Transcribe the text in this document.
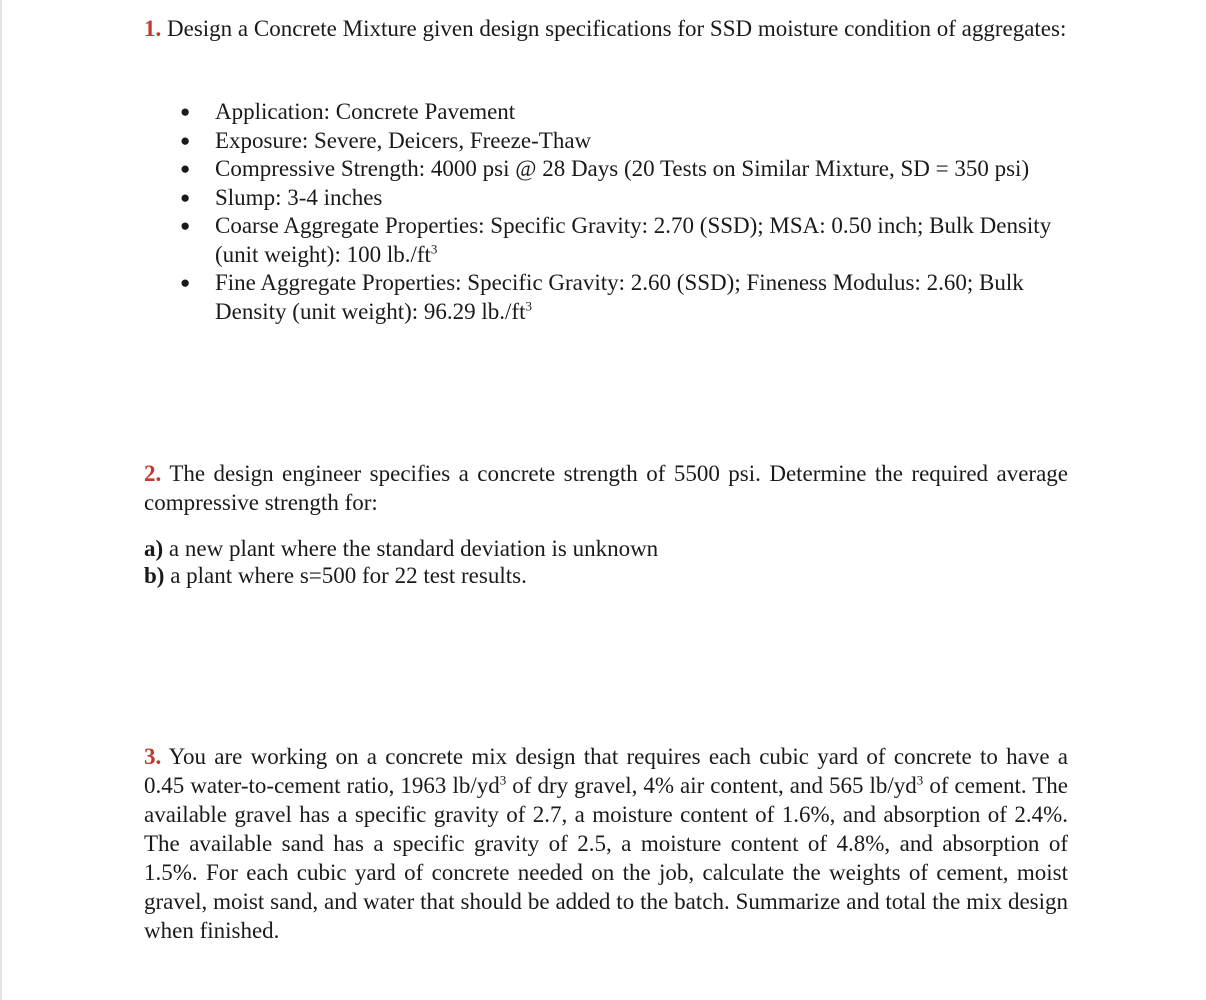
1. Design a Concrete Mixture given design specifications for SSD moisture condition of aggregates:

● Application: Concrete Pavement
● Exposure: Severe, Deicers, Freeze-Thaw
● Compressive Strength: 4000 psi @ 28 Days (20 Tests on Similar Mixture, SD = 350 psi)
● Slump: 3-4 inches
● Coarse Aggregate Properties: Specific Gravity: 2.70 (SSD); MSA: 0.50 inch; Bulk Density (unit weight): 100 $lb./ft^3$
● Fine Aggregate Properties: Specific Gravity: 2.60 (SSD); Fineness Modulus: 2.60; Bulk Density (unit weight): 96.29 $lb./ft^3$

2. The design engineer specifies a concrete strength of 5500 psi. Determine the required average compressive strength for:

a) a new plant where the standard deviation is unknown

b) a plant where s=500 for 22 test results.

3. You are working on a concrete mix design that requires each cubic yard of concrete to have a 0.45 water-to-cement ratio, 1963 $lb/yd^3$ of dry gravel, 4% air content, and 565 $lb/yd^3$ of cement. The available gravel has a specific gravity of 2.7, a moisture content of 1.6%, and absorption of 2.4%. The available sand has a specific gravity of 2.5, a moisture content of 4.8%, and absorption of 1.5%. For each cubic yard of concrete needed on the job, calculate the weights of cement, moist gravel, moist sand, and water that should be added to the batch. Summarize and total the mix design when finished.
